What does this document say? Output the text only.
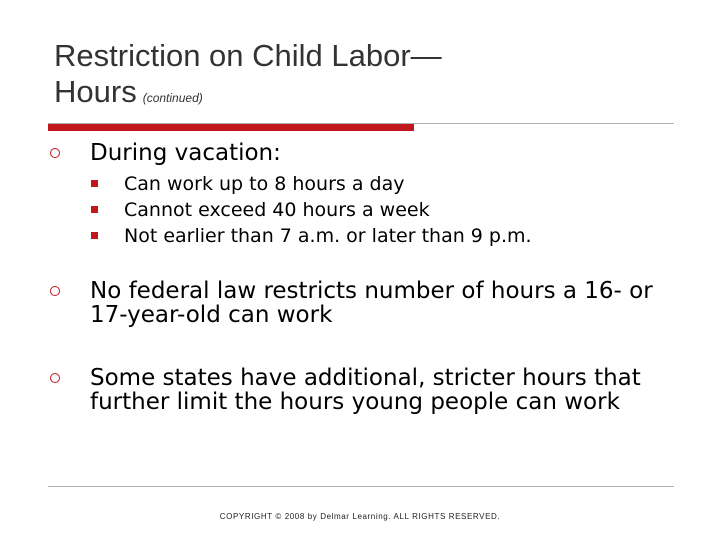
Restriction on Child Labor—
Hours (continued)
During vacation:
Can work up to 8 hours a day
Cannot exceed 40 hours a week
Not earlier than 7 a.m. or later than 9 p.m.
No federal law restricts number of hours a 16- or 17-year-old can work
Some states have additional, stricter hours that further limit the hours young people can work
COPYRIGHT © 2008 by Delmar Learning. ALL RIGHTS RESERVED.
